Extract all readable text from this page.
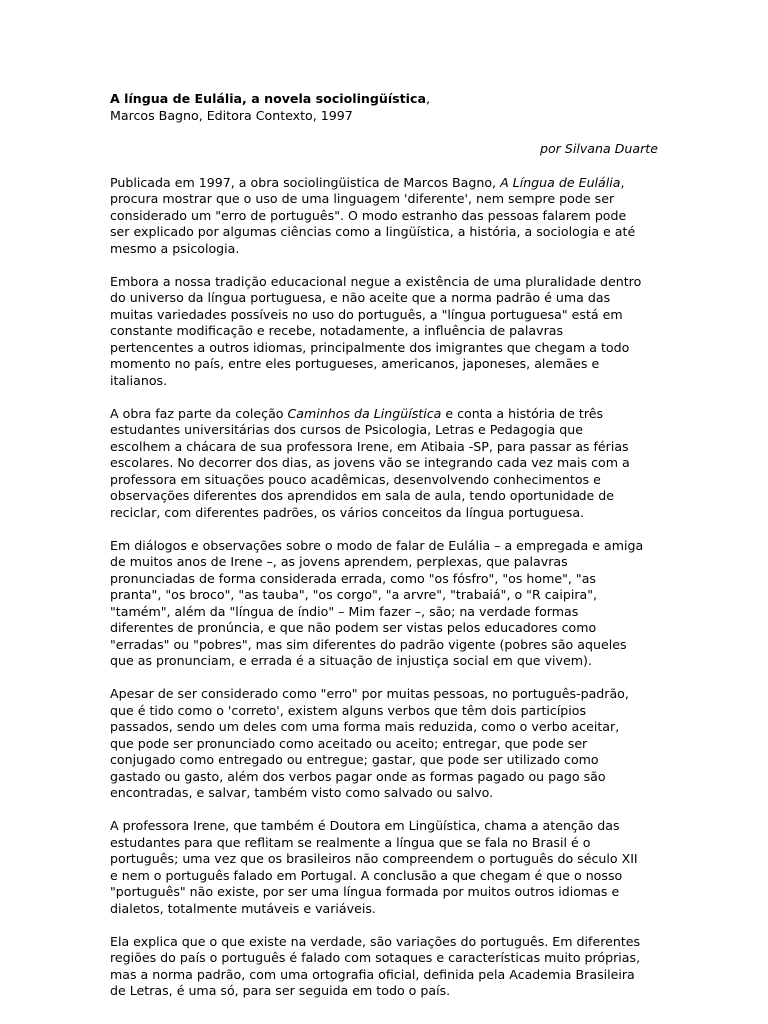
A língua de Eulália, a novela sociolingüística,

Marcos Bagno, Editora Contexto, 1997

por Silvana Duarte

Publicada em 1997, a obra sociolingüistica de Marcos Bagno, A Língua de Eulália,
procura mostrar que o uso de uma linguagem 'diferente', nem sempre pode ser
considerado um "erro de português". O modo estranho das pessoas falarem pode
ser explicado por algumas ciências como a lingüística, a história, a sociologia e até
mesmo a psicologia.

Embora a nossa tradição educacional negue a existência de uma pluralidade dentro
do universo da língua portuguesa, e não aceite que a norma padrão é uma das
muitas variedades possíveis no uso do português, a "língua portuguesa" está em
constante modificação e recebe, notadamente, a influência de palavras
pertencentes a outros idiomas, principalmente dos imigrantes que chegam a todo
momento no país, entre eles portugueses, americanos, japoneses, alemães e
italianos.

A obra faz parte da coleção Caminhos da Lingüística e conta a história de três
estudantes universitárias dos cursos de Psicologia, Letras e Pedagogia que
escolhem a chácara de sua professora Irene, em Atibaia -SP, para passar as férias
escolares. No decorrer dos dias, as jovens vão se integrando cada vez mais com a
professora em situações pouco acadêmicas, desenvolvendo conhecimentos e
observações diferentes dos aprendidos em sala de aula, tendo oportunidade de
reciclar, com diferentes padrões, os vários conceitos da língua portuguesa.

Em diálogos e observações sobre o modo de falar de Eulália – a empregada e amiga
de muitos anos de Irene –, as jovens aprendem, perplexas, que palavras
pronunciadas de forma considerada errada, como "os fósfro", "os home", "as
pranta", "os broco", "as tauba", "os corgo", "a arvre", "trabaiá", o "R caipira",
"tamém", além da "língua de índio" – Mim fazer –, são; na verdade formas
diferentes de pronúncia, e que não podem ser vistas pelos educadores como
"erradas" ou "pobres", mas sim diferentes do padrão vigente (pobres são aqueles
que as pronunciam, e errada é a situação de injustiça social em que vivem).

Apesar de ser considerado como "erro" por muitas pessoas, no português-padrão,
que é tido como o 'correto', existem alguns verbos que têm dois particípios
passados, sendo um deles com uma forma mais reduzida, como o verbo aceitar,
que pode ser pronunciado como aceitado ou aceito; entregar, que pode ser
conjugado como entregado ou entregue; gastar, que pode ser utilizado como
gastado ou gasto, além dos verbos pagar onde as formas pagado ou pago são
encontradas, e salvar, também visto como salvado ou salvo.

A professora Irene, que também é Doutora em Lingüística, chama a atenção das
estudantes para que reflitam se realmente a língua que se fala no Brasil é o
português; uma vez que os brasileiros não compreendem o português do século XII
e nem o português falado em Portugal. A conclusão a que chegam é que o nosso
"português" não existe, por ser uma língua formada por muitos outros idiomas e
dialetos, totalmente mutáveis e variáveis.

Ela explica que o que existe na verdade, são variações do português. Em diferentes
regiões do país o português é falado com sotaques e características muito próprias,
mas a norma padrão, com uma ortografia oficial, definida pela Academia Brasileira
de Letras, é uma só, para ser seguida em todo o país.
